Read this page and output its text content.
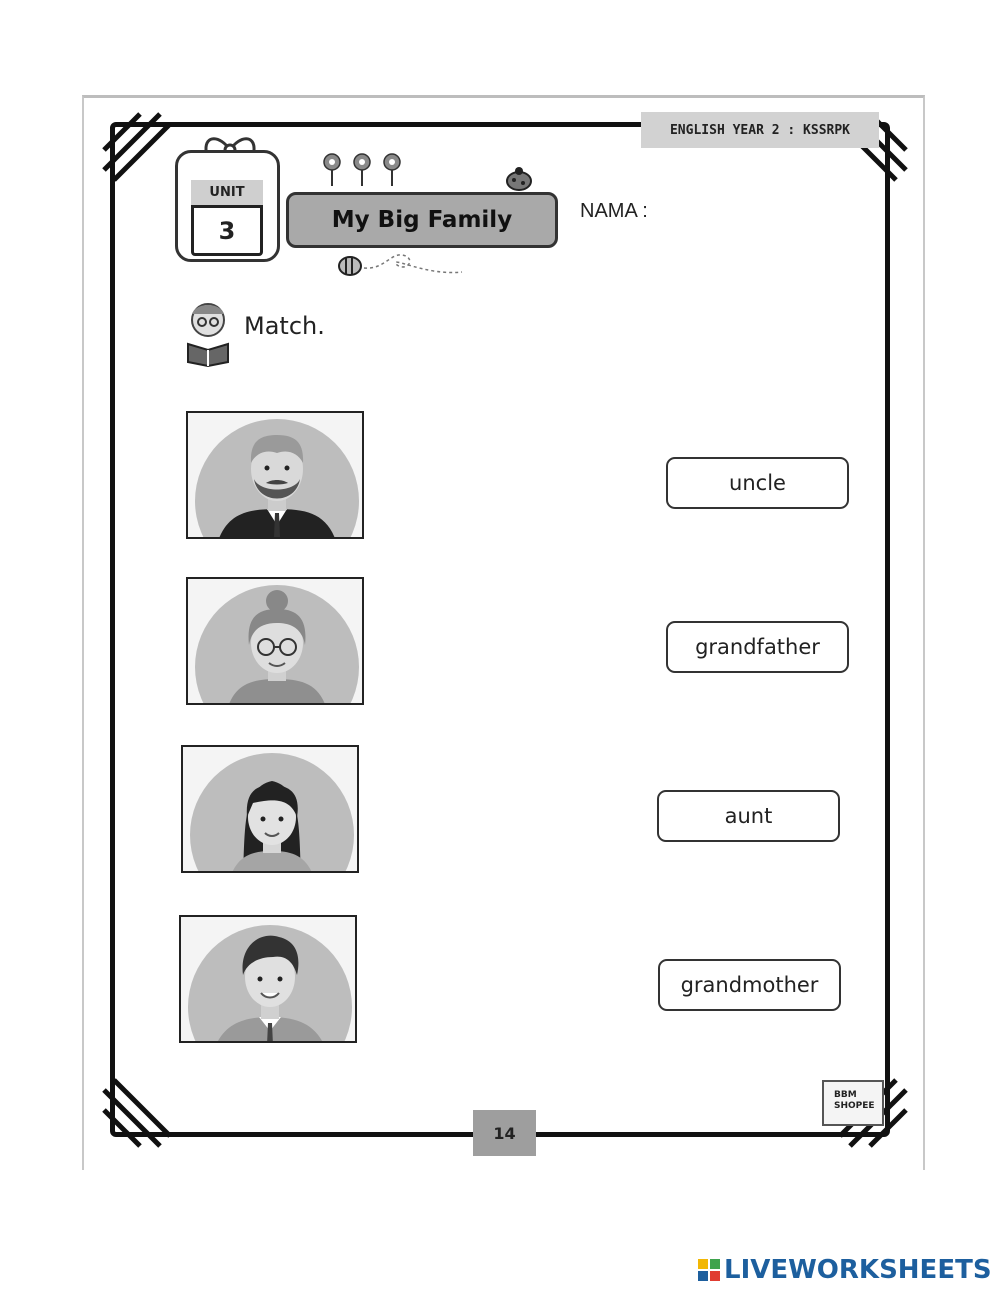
ENGLISH YEAR 2 : KSSRPK
UNIT
3	My Big Family	NAMA :
Match.
uncle
grandfather
aunt
grandmother
14
BBM
SHOPEE
LIVEWORKSHEETS
